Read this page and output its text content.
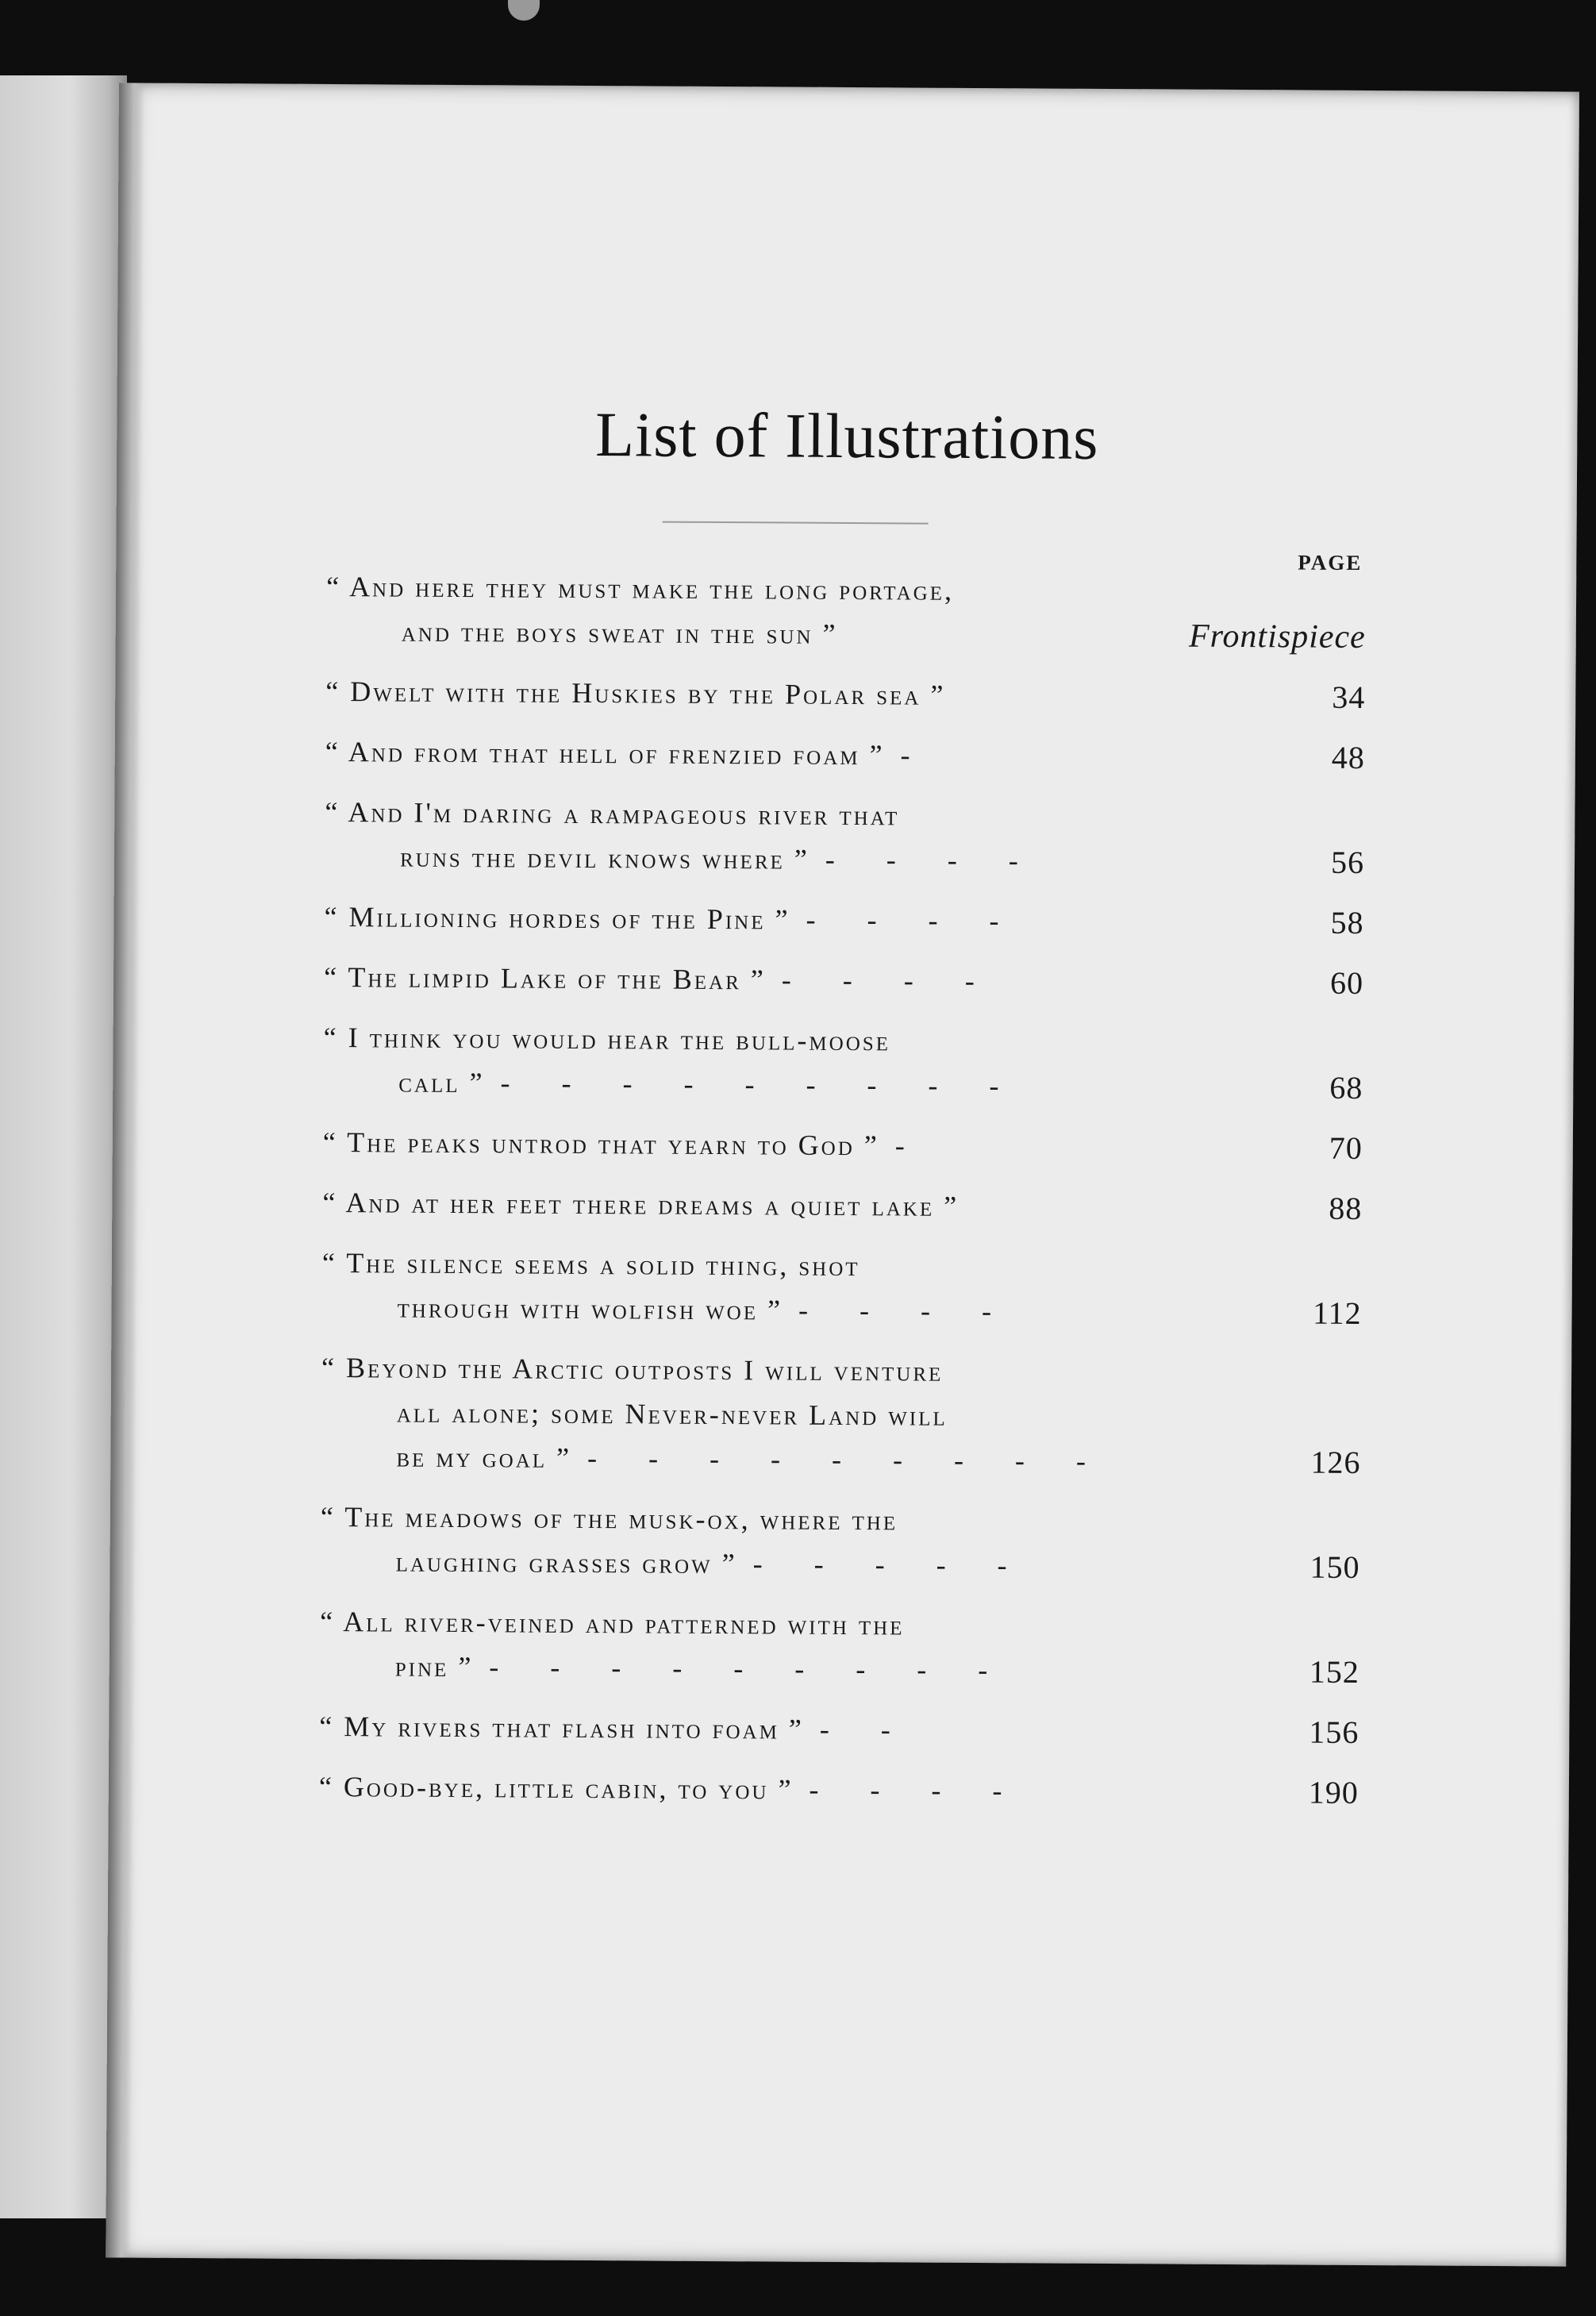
List of Illustrations
PAGE
“ And here they must make the long portage,
and the boys sweat in the sun ”	Frontispiece
“ Dwelt with the Huskies by the Polar sea ”	34
“ And from that hell of frenzied foam ” -	48
“ And I'm daring a rampageous river that
runs the devil knows where ” - - - -	56
“ Millioning hordes of the Pine ” - - - -	58
“ The limpid Lake of the Bear ” - - - -	60
“ I think you would hear the bull-moose
call ” - - - - - - - - -	68
“ The peaks untrod that yearn to God ” -	70
“ And at her feet there dreams a quiet lake ”	88
“ The silence seems a solid thing, shot
through with wolfish woe ” - - - -	112
“ Beyond the Arctic outposts I will venture
all alone; some Never-never Land will
be my goal ” - - - - - - - - -	126
“ The meadows of the musk-ox, where the
laughing grasses grow ” - - - - -	150
“ All river-veined and patterned with the
pine ” - - - - - - - - -	152
“ My rivers that flash into foam ” - -	156
“ Good-bye, little cabin, to you ” - - - -	190
